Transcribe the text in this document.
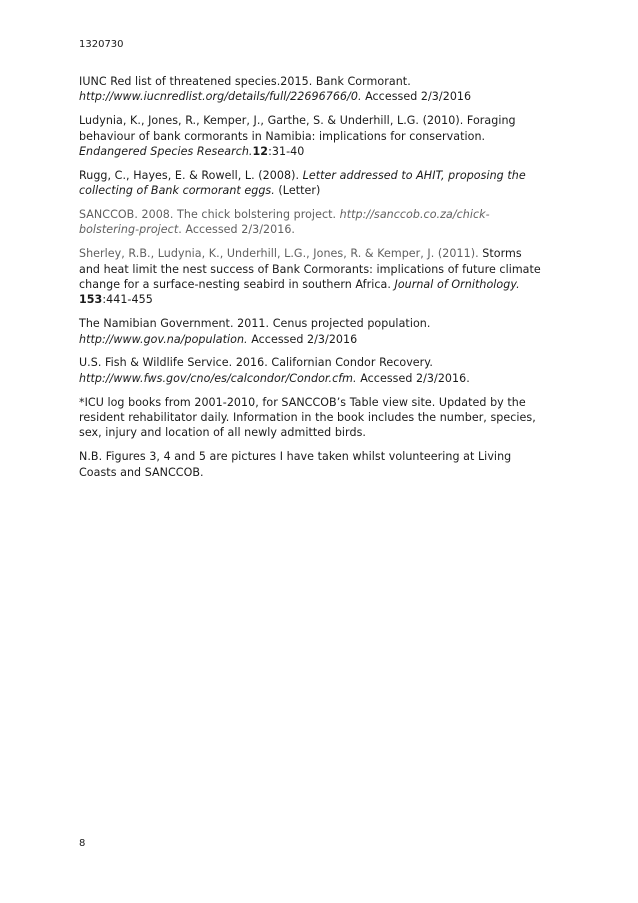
1320730
IUNC Red list of threatened species.2015. Bank Cormorant.
http://www.iucnredlist.org/details/full/22696766/0. Accessed 2/3/2016
Ludynia, K., Jones, R., Kemper, J., Garthe, S. & Underhill, L.G. (2010). Foraging
behaviour of bank cormorants in Namibia: implications for conservation.
Endangered Species Research.12:31-40
Rugg, C., Hayes, E. & Rowell, L. (2008). Letter addressed to AHIT, proposing the
collecting of Bank cormorant eggs. (Letter)
SANCCOB. 2008. The chick bolstering project. http://sanccob.co.za/chick-
bolstering-project. Accessed 2/3/2016.
Sherley, R.B., Ludynia, K., Underhill, L.G., Jones, R. & Kemper, J. (2011). Storms
and heat limit the nest success of Bank Cormorants: implications of future climate
change for a surface-nesting seabird in southern Africa. Journal of Ornithology.
153:441-455
The Namibian Government. 2011. Cenus projected population.
http://www.gov.na/population. Accessed 2/3/2016
U.S. Fish & Wildlife Service. 2016. Californian Condor Recovery.
http://www.fws.gov/cno/es/calcondor/Condor.cfm. Accessed 2/3/2016.
*ICU log books from 2001-2010, for SANCCOB’s Table view site. Updated by the
resident rehabilitator daily. Information in the book includes the number, species,
sex, injury and location of all newly admitted birds.
N.B. Figures 3, 4 and 5 are pictures I have taken whilst volunteering at Living
Coasts and SANCCOB.
8
